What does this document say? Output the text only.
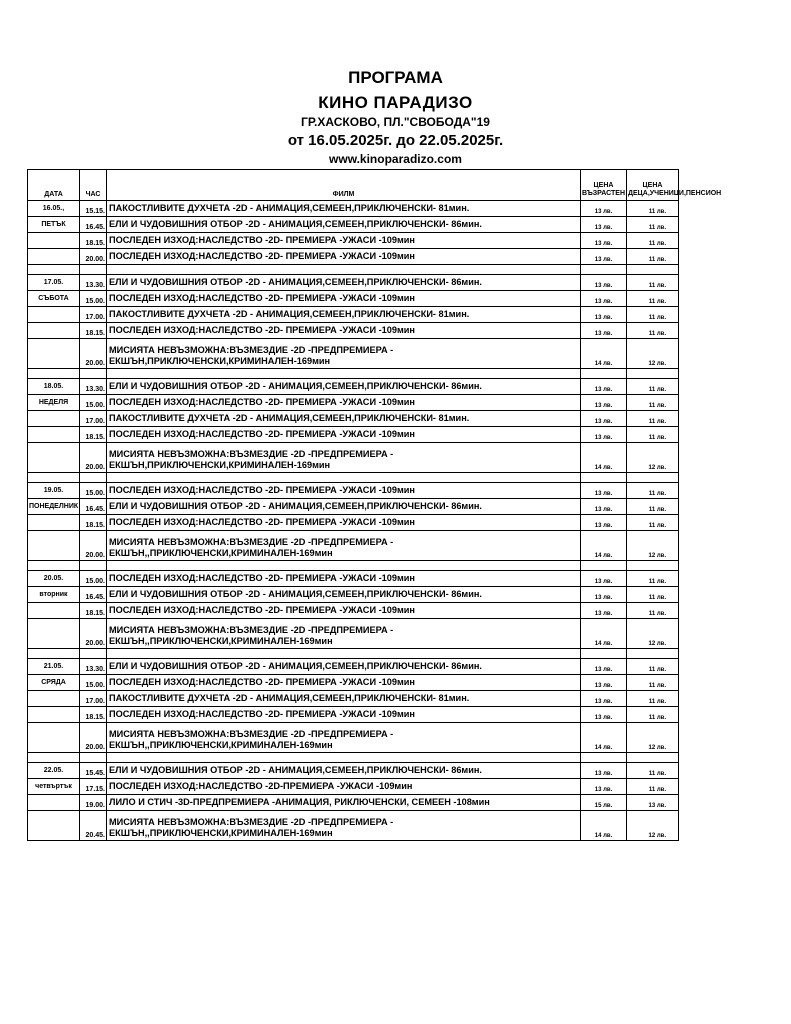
ПРОГРАМА
КИНО ПАРАДИЗО
ГР.ХАСКОВО, ПЛ."СВОБОДА"19
от 16.05.2025г. до 22.05.2025г.
www.kinoparadizo.com
ДАТА	ЧАС	ФИЛМ	ЦЕНА ВЪЗРАСТЕН	ЦЕНА ДЕЦА,УЧЕНИЦИ,ПЕНСИОН
16.05.,	15.15.	ПАКОСТЛИВИТЕ ДУХЧЕТА -2D - АНИМАЦИЯ,СЕМЕЕН,ПРИКЛЮЧЕНСКИ- 81мин.	13 лв.	11 лв.
ПЕТЪК	16.45.	ЕЛИ И ЧУДОВИШНИЯ ОТБОР -2D - АНИМАЦИЯ,СЕМЕЕН,ПРИКЛЮЧЕНСКИ- 86мин.	13 лв.	11 лв.
	18.15.	ПОСЛЕДЕН ИЗХОД:НАСЛЕДСТВО -2D- ПРЕМИЕРА -УЖАСИ -109мин	13 лв.	11 лв.
	20.00.	ПОСЛЕДЕН ИЗХОД:НАСЛЕДСТВО -2D- ПРЕМИЕРА -УЖАСИ -109мин	13 лв.	11 лв.

17.05.	13.30.	ЕЛИ И ЧУДОВИШНИЯ ОТБОР -2D - АНИМАЦИЯ,СЕМЕЕН,ПРИКЛЮЧЕНСКИ- 86мин.	13 лв.	11 лв.
СЪБОТА	15.00.	ПОСЛЕДЕН ИЗХОД:НАСЛЕДСТВО -2D- ПРЕМИЕРА -УЖАСИ -109мин	13 лв.	11 лв.
	17.00.	ПАКОСТЛИВИТЕ ДУХЧЕТА -2D - АНИМАЦИЯ,СЕМЕЕН,ПРИКЛЮЧЕНСКИ- 81мин.	13 лв.	11 лв.
	18.15.	ПОСЛЕДЕН ИЗХОД:НАСЛЕДСТВО -2D- ПРЕМИЕРА -УЖАСИ -109мин	13 лв.	11 лв.
	20.00.	МИСИЯТА НЕВЪЗМОЖНА:ВЪЗМЕЗДИЕ -2D -ПРЕДПРЕМИЕРА - ЕКШЪН,ПРИКЛЮЧЕНСКИ,КРИМИНАЛЕН-169мин	14 лв.	12 лв.

18.05.	13.30.	ЕЛИ И ЧУДОВИШНИЯ ОТБОР -2D - АНИМАЦИЯ,СЕМЕЕН,ПРИКЛЮЧЕНСКИ- 86мин.	13 лв.	11 лв.
НЕДЕЛЯ	15.00.	ПОСЛЕДЕН ИЗХОД:НАСЛЕДСТВО -2D- ПРЕМИЕРА -УЖАСИ -109мин	13 лв.	11 лв.
	17.00.	ПАКОСТЛИВИТЕ ДУХЧЕТА -2D - АНИМАЦИЯ,СЕМЕЕН,ПРИКЛЮЧЕНСКИ- 81мин.	13 лв.	11 лв.
	18.15.	ПОСЛЕДЕН ИЗХОД:НАСЛЕДСТВО -2D- ПРЕМИЕРА -УЖАСИ -109мин	13 лв.	11 лв.
	20.00.	МИСИЯТА НЕВЪЗМОЖНА:ВЪЗМЕЗДИЕ -2D -ПРЕДПРЕМИЕРА - ЕКШЪН,ПРИКЛЮЧЕНСКИ,КРИМИНАЛЕН-169мин	14 лв.	12 лв.

19.05.	15.00.	ПОСЛЕДЕН ИЗХОД:НАСЛЕДСТВО -2D- ПРЕМИЕРА -УЖАСИ -109мин	13 лв.	11 лв.
ПОНЕДЕЛНИК	16.45.	ЕЛИ И ЧУДОВИШНИЯ ОТБОР -2D - АНИМАЦИЯ,СЕМЕЕН,ПРИКЛЮЧЕНСКИ- 86мин.	13 лв.	11 лв.
	18.15.	ПОСЛЕДЕН ИЗХОД:НАСЛЕДСТВО -2D- ПРЕМИЕРА -УЖАСИ -109мин	13 лв.	11 лв.
	20.00.	МИСИЯТА НЕВЪЗМОЖНА:ВЪЗМЕЗДИЕ -2D -ПРЕДПРЕМИЕРА - ЕКШЪН,,ПРИКЛЮЧЕНСКИ,КРИМИНАЛЕН-169мин	14 лв.	12 лв.

20.05.	15.00.	ПОСЛЕДЕН ИЗХОД:НАСЛЕДСТВО -2D- ПРЕМИЕРА -УЖАСИ -109мин	13 лв.	11 лв.
вторник	16.45.	ЕЛИ И ЧУДОВИШНИЯ ОТБОР -2D - АНИМАЦИЯ,СЕМЕЕН,ПРИКЛЮЧЕНСКИ- 86мин.	13 лв.	11 лв.
	18.15.	ПОСЛЕДЕН ИЗХОД:НАСЛЕДСТВО -2D- ПРЕМИЕРА -УЖАСИ -109мин	13 лв.	11 лв.
	20.00.	МИСИЯТА НЕВЪЗМОЖНА:ВЪЗМЕЗДИЕ -2D -ПРЕДПРЕМИЕРА - ЕКШЪН,,ПРИКЛЮЧЕНСКИ,КРИМИНАЛЕН-169мин	14 лв.	12 лв.

21.05.	13.30.	ЕЛИ И ЧУДОВИШНИЯ ОТБОР -2D - АНИМАЦИЯ,СЕМЕЕН,ПРИКЛЮЧЕНСКИ- 86мин.	13 лв.	11 лв.
СРЯДА	15.00.	ПОСЛЕДЕН ИЗХОД:НАСЛЕДСТВО -2D- ПРЕМИЕРА -УЖАСИ -109мин	13 лв.	11 лв.
	17.00.	ПАКОСТЛИВИТЕ ДУХЧЕТА -2D - АНИМАЦИЯ,СЕМЕЕН,ПРИКЛЮЧЕНСКИ- 81мин.	13 лв.	11 лв.
	18.15.	ПОСЛЕДЕН ИЗХОД:НАСЛЕДСТВО -2D- ПРЕМИЕРА -УЖАСИ -109мин	13 лв.	11 лв.
	20.00.	МИСИЯТА НЕВЪЗМОЖНА:ВЪЗМЕЗДИЕ -2D -ПРЕДПРЕМИЕРА - ЕКШЪН,,ПРИКЛЮЧЕНСКИ,КРИМИНАЛЕН-169мин	14 лв.	12 лв.

22.05.	15.45.	ЕЛИ И ЧУДОВИШНИЯ ОТБОР -2D - АНИМАЦИЯ,СЕМЕЕН,ПРИКЛЮЧЕНСКИ- 86мин.	13 лв.	11 лв.
четвъртък	17.15.	ПОСЛЕДЕН ИЗХОД:НАСЛЕДСТВО -2D-ПРЕМИЕРА -УЖАСИ -109мин	13 лв.	11 лв.
	19.00.	ЛИЛО И СТИЧ -3D-ПРЕДПРЕМИЕРА -АНИМАЦИЯ, РИКЛЮЧЕНСКИ, СЕМЕЕН -108мин	15 лв.	13 лв.
	20.45.	МИСИЯТА НЕВЪЗМОЖНА:ВЪЗМЕЗДИЕ -2D -ПРЕДПРЕМИЕРА - ЕКШЪН,,ПРИКЛЮЧЕНСКИ,КРИМИНАЛЕН-169мин	14 лв.	12 лв.
